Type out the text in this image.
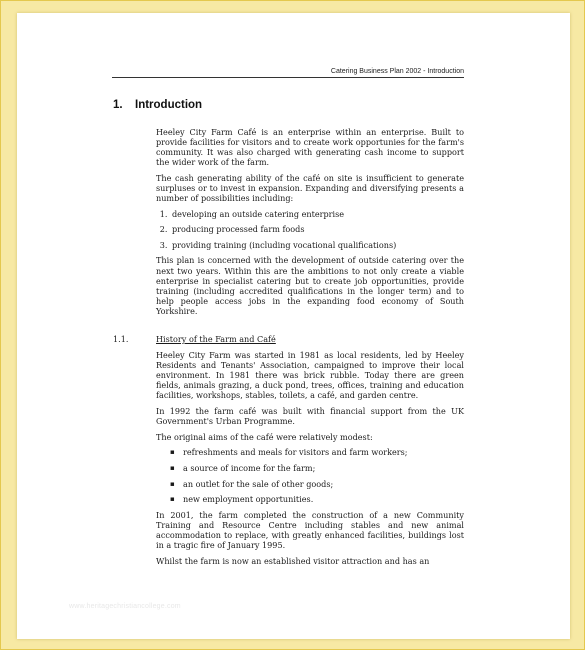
Catering Business Plan 2002 - Introduction
1. Introduction

Heeley City Farm Café is an enterprise within an enterprise. Built to provide facilities for visitors and to create work opportunies for the farm's community. It was also charged with generating cash income to support the wider work of the farm.

The cash generating ability of the café on site is insufficient to generate surpluses or to invest in expansion. Expanding and diversifying presents a number of possibilities including:

1. developing an outside catering enterprise
2. producing processed farm foods
3. providing training (including vocational qualifications)

This plan is concerned with the development of outside catering over the next two years. Within this are the ambitions to not only create a viable enterprise in specialist catering but to create job opportunities, provide training (including accredited qualifications in the longer term) and to help people access jobs in the expanding food economy of South Yorkshire.

1.1.	History of the Farm and Café

Heeley City Farm was started in 1981 as local residents, led by Heeley Residents and Tenants' Association, campaigned to improve their local environment. In 1981 there was brick rubble. Today there are green fields, animals grazing, a duck pond, trees, offices, training and education facilities, workshops, stables, toilets, a café, and garden centre.

In 1992 the farm café was built with financial support from the UK Government's Urban Programme.

The original aims of the café were relatively modest:

▪ refreshments and meals for visitors and farm workers;
▪ a source of income for the farm;
▪ an outlet for the sale of other goods;
▪ new employment opportunities.

In 2001, the farm completed the construction of a new Community Training and Resource Centre including stables and new animal accommodation to replace, with greatly enhanced facilities, buildings lost in a tragic fire of January 1995.

Whilst the farm is now an established visitor attraction and has an

www.heritagechristiancollege.com
